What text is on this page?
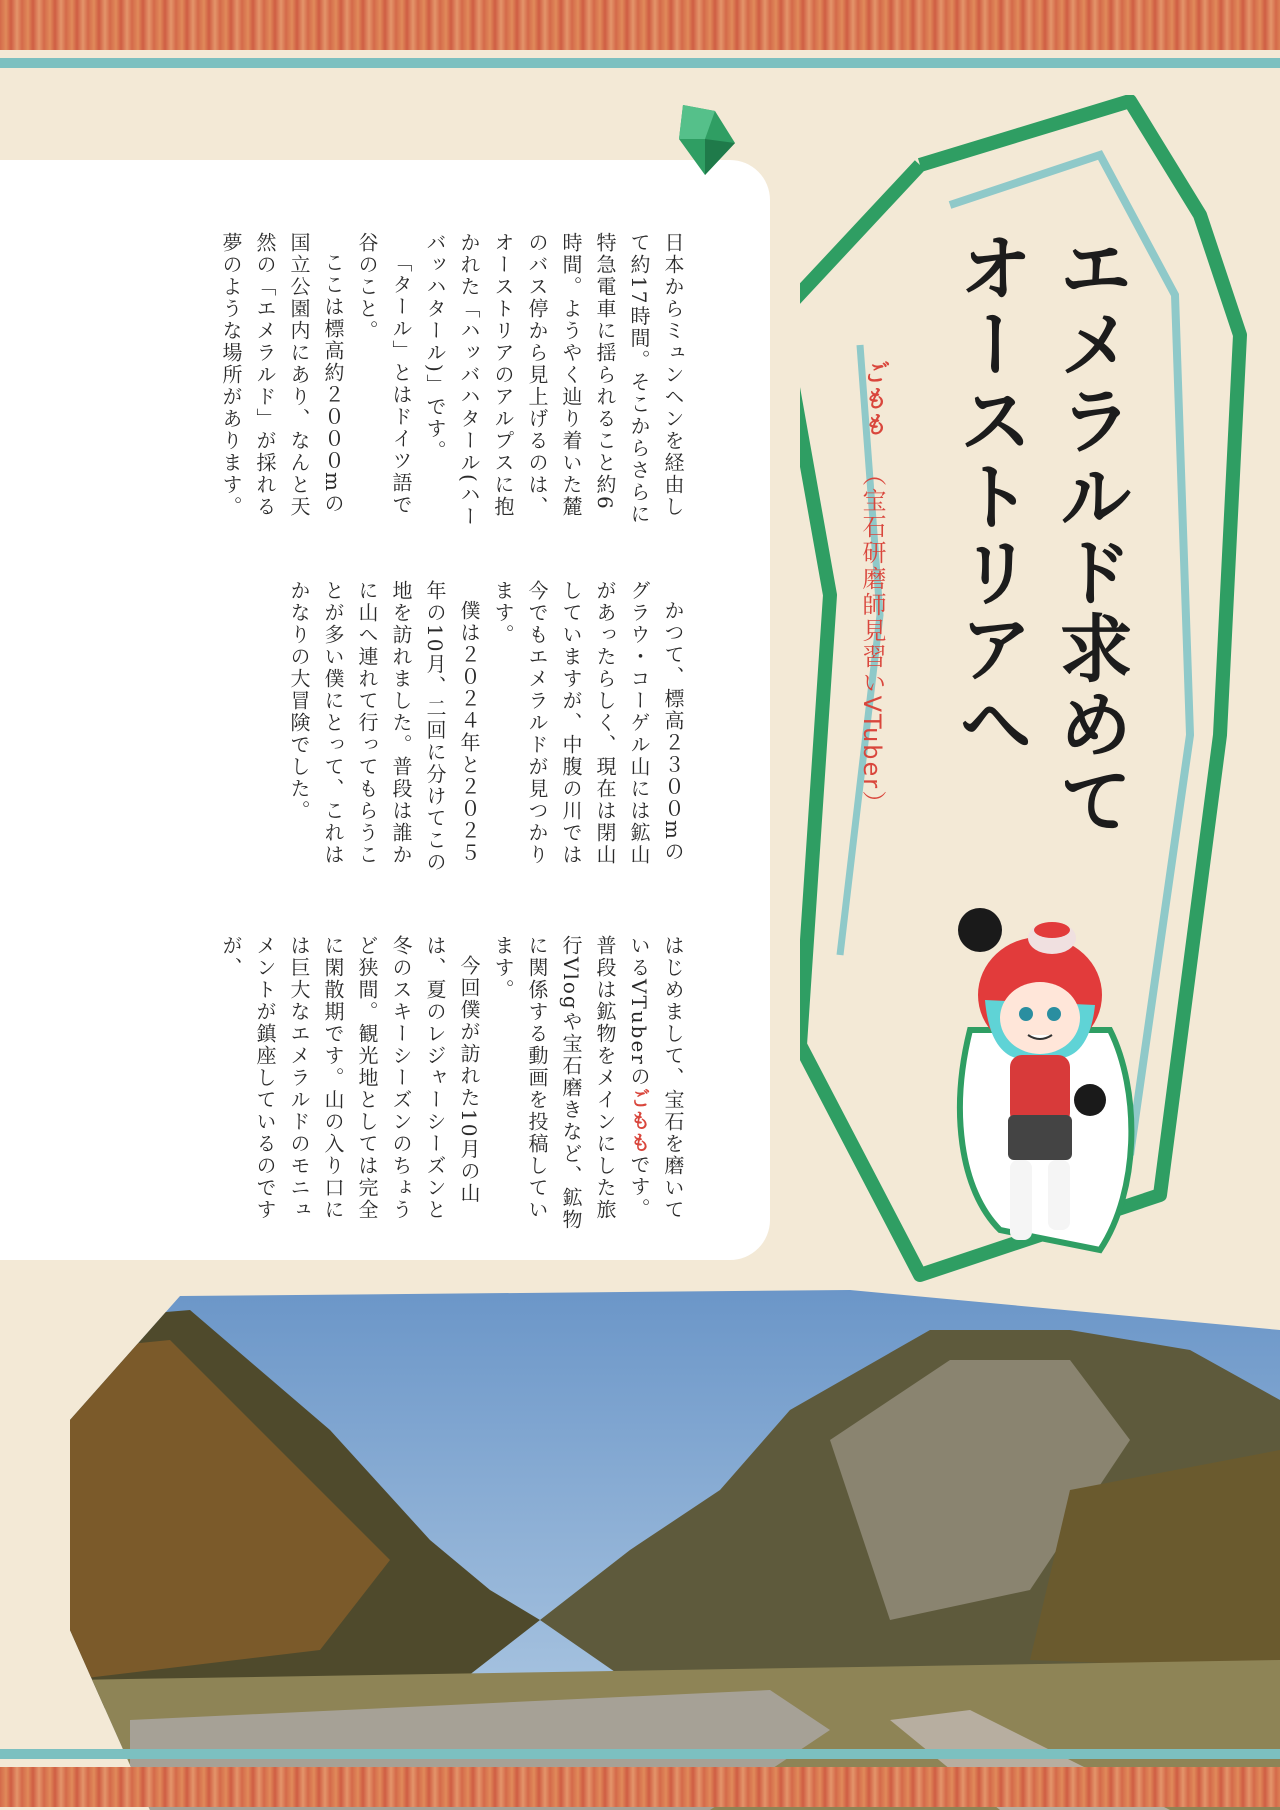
日本からミュンヘンを経由して約17時間。そこからさらに特急電車に揺られること約6時間。ようやく辿り着いた麓のバス停から見上げるのは、オーストリアのアルプスに抱かれた「ハッバハタール(ハーバッハタール)」です。

「タール」とはドイツ語で谷のこと。

ここは標高約２０００mの国立公園内にあり、なんと天然の「エメラルド」が採れる夢のような場所があります。

かつて、標高２３００mのグラウ・コーゲル山には鉱山があったらしく、現在は閉山していますが、中腹の川では今でもエメラルドが見つかります。

僕は２０２４年と２０２５年の10月、二回に分けてこの地を訪れました。普段は誰かに山へ連れて行ってもらうことが多い僕にとって、これはかなりの大冒険でした。

はじめまして、宝石を磨いているVTuberのごももです。普段は鉱物をメインにした旅行Vlogや宝石磨きなど、鉱物に関係する動画を投稿しています。

今回僕が訪れた10月の山は、夏のレジャーシーズンと冬のスキーシーズンのちょうど狭間。観光地としては完全に閑散期です。山の入り口には巨大なエメラルドのモニュメントが鎮座しているのですが、

エメラルド求めて
オーストリアへ
ごもも （宝石研磨師見習いVTuber）
